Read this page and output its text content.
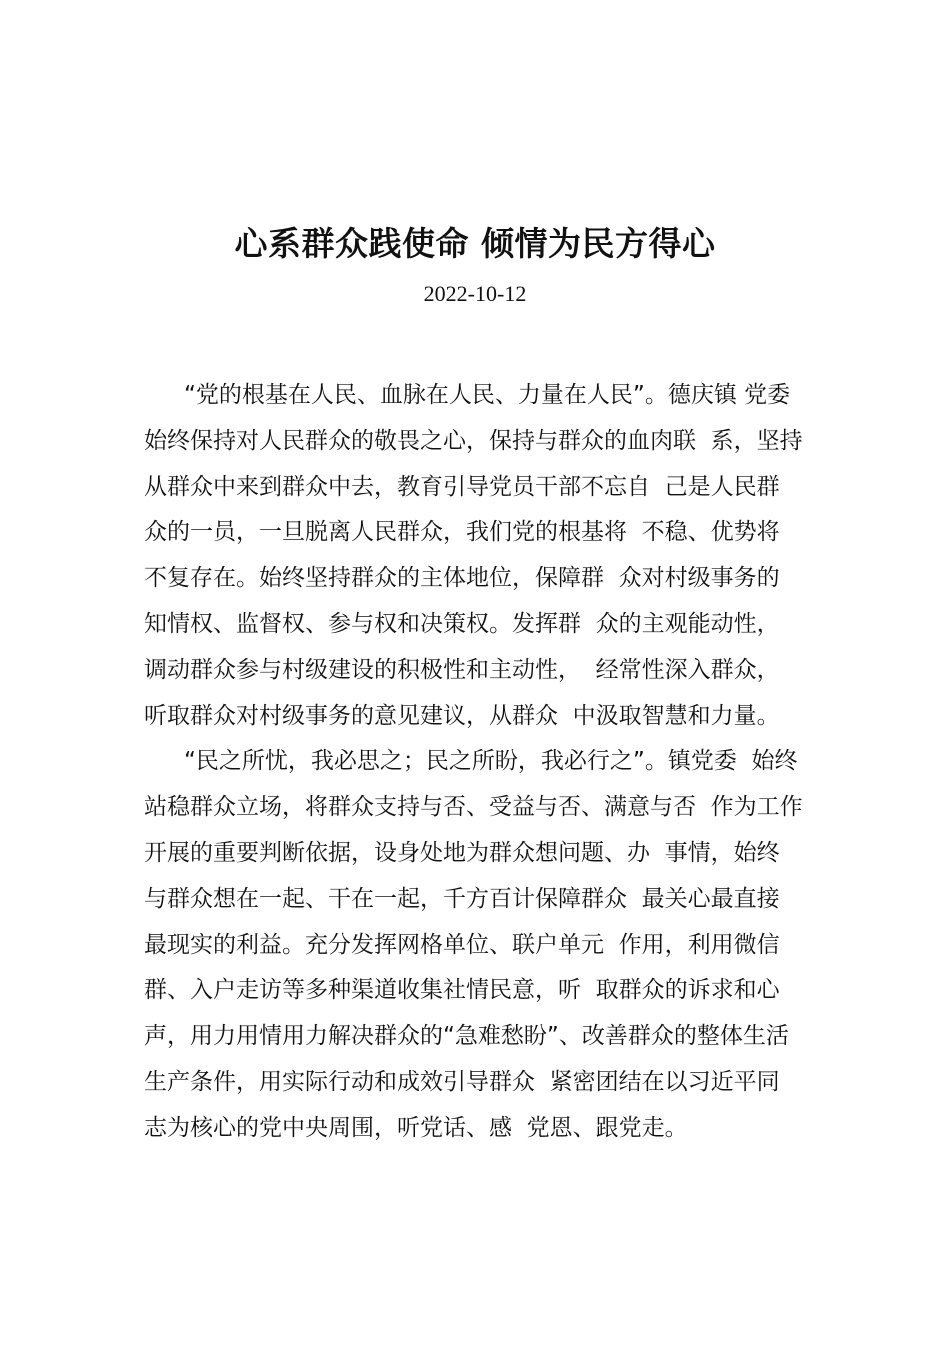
心系群众践使命 倾情为民方得心
2022-10-12
“党的根基在人民、血脉在人民、力量在人民”。德庆镇 党委
始终保持对人民群众的敬畏之心，保持与群众的血肉联  系，坚持
从群众中来到群众中去，教育引导党员干部不忘自  己是人民群
众的一员，一旦脱离人民群众，我们党的根基将  不稳、优势将
不复存在。始终坚持群众的主体地位，保障群  众对村级事务的
知情权、监督权、参与权和决策权。发挥群  众的主观能动性，
调动群众参与村级建设的积极性和主动性，  经常性深入群众，
听取群众对村级事务的意见建议，从群众  中汲取智慧和力量。
“民之所忧，我必思之；民之所盼，我必行之”。镇党委  始终
站稳群众立场，将群众支持与否、受益与否、满意与否  作为工作
开展的重要判断依据，设身处地为群众想问题、办  事情，始终
与群众想在一起、干在一起，千方百计保障群众  最关心最直接
最现实的利益。充分发挥网格单位、联户单元  作用，利用微信
群、入户走访等多种渠道收集社情民意，听  取群众的诉求和心
声，用力用情用力解决群众的“急难愁盼”、改善群众的整体生活
生产条件，用实际行动和成效引导群众  紧密团结在以习近平同
志为核心的党中央周围，听党话、感  党恩、跟党走。
